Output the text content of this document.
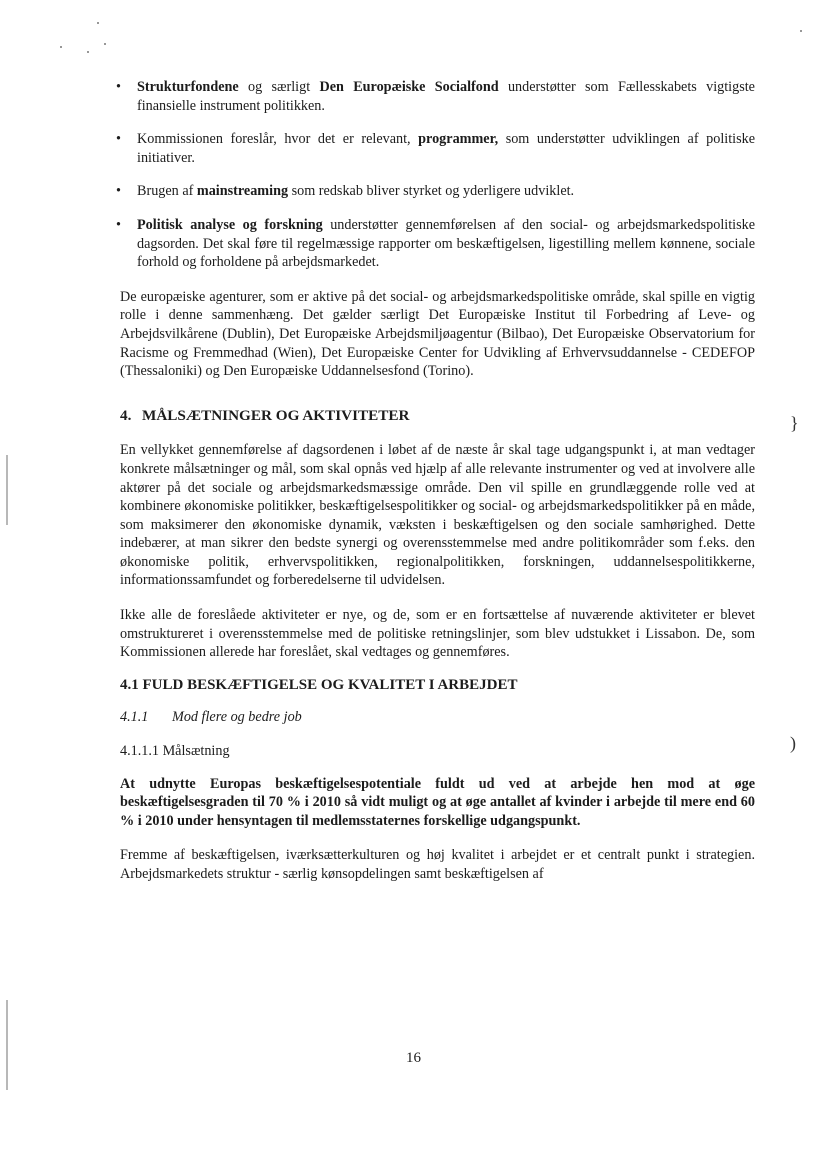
• Strukturfondene og særligt Den Europæiske Socialfond understøtter som Fællesskabets vigtigste finansielle instrument politikken.
• Kommissionen foreslår, hvor det er relevant, programmer, som understøtter udviklingen af politiske initiativer.
• Brugen af mainstreaming som redskab bliver styrket og yderligere udviklet.
• Politisk analyse og forskning understøtter gennemførelsen af den social- og arbejdsmarkedspolitiske dagsorden. Det skal føre til regelmæssige rapporter om beskæftigelsen, ligestilling mellem kønnene, sociale forhold og forholdene på arbejdsmarkedet.

De europæiske agenturer, som er aktive på det social- og arbejdsmarkedspolitiske område, skal spille en vigtig rolle i denne sammenhæng. Det gælder særligt Det Europæiske Institut til Forbedring af Leve- og Arbejdsvilkårene (Dublin), Det Europæiske Arbejdsmiljøagentur (Bilbao), Det Europæiske Observatorium for Racisme og Fremmedhad (Wien), Det Europæiske Center for Udvikling af Erhvervsuddannelse - CEDEFOP (Thessaloniki) og Den Europæiske Uddannelsesfond (Torino).

4. MÅLSÆTNINGER OG AKTIVITETER

En vellykket gennemførelse af dagsordenen i løbet af de næste år skal tage udgangspunkt i, at man vedtager konkrete målsætninger og mål, som skal opnås ved hjælp af alle relevante instrumenter og ved at involvere alle aktører på det sociale og arbejdsmarkedsmæssige område. Den vil spille en grundlæggende rolle ved at kombinere økonomiske politikker, beskæftigelsespolitikker og social- og arbejdsmarkedspolitikker på en måde, som maksimerer den økonomiske dynamik, væksten i beskæftigelsen og den sociale samhørighed. Dette indebærer, at man sikrer den bedste synergi og overensstemmelse med andre politikområder som f.eks. den økonomiske politik, erhvervspolitikken, regionalpolitikken, forskningen, uddannelsespolitikkerne, informationssamfundet og forberedelserne til udvidelsen.

Ikke alle de foreslåede aktiviteter er nye, og de, som er en fortsættelse af nuværende aktiviteter er blevet omstruktureret i overensstemmelse med de politiske retningslinjer, som blev udstukket i Lissabon. De, som Kommissionen allerede har foreslået, skal vedtages og gennemføres.

4.1 FULD BESKÆFTIGELSE OG KVALITET I ARBEJDET
4.1.1 Mod flere og bedre job
4.1.1.1 Målsætning

At udnytte Europas beskæftigelsespotentiale fuldt ud ved at arbejde hen mod at øge beskæftigelsesgraden til 70 % i 2010 så vidt muligt og at øge antallet af kvinder i arbejde til mere end 60 % i 2010 under hensyntagen til medlemsstaternes forskellige udgangspunkt.

Fremme af beskæftigelsen, iværksætterkulturen og høj kvalitet i arbejdet er et centralt punkt i strategien. Arbejdsmarkedets struktur - særlig kønsopdelingen samt beskæftigelsen af

}
)
16
